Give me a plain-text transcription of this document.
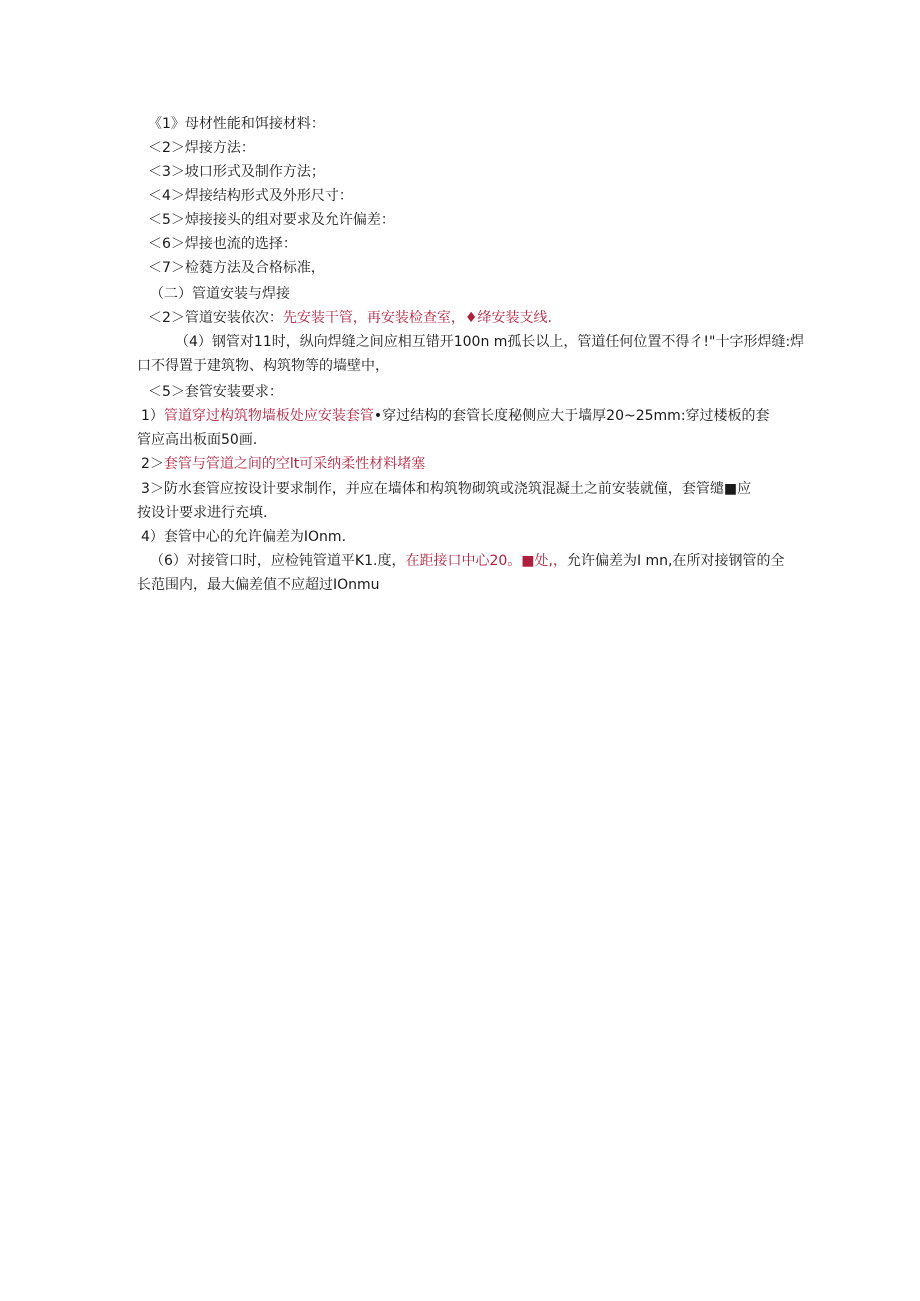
《1》母材性能和饵接材料：
＜2＞焊接方法：
＜3＞坡口形式及制作方法；
＜4＞焊接结构形式及外形尺寸：
＜5＞焯接接头的组对要求及允许偏差：
＜6＞焊接也流的选择：
＜7＞检蕤方法及合格标准，
（二）管道安装与焊接
＜2＞管道安装依次：先安装干管，再安装检查室，♦绛安装支线.
（4）钢管对11时，纵向焊缝之间应相互错开100n m孤长以上，管道任何位置不得彳!"十字形焊缝:焊
口不得置于建筑物、构筑物等的墙壁中，
＜5＞套管安装要求：
1）管道穿过构筑物墙板处应安装套管•穿过结构的套管长度秘侧应大于墙厚20~25mm:穿过楼板的套
管应高出板面50画.
2＞套管与管道之间的空lt可采纳柔性材料堵塞
3＞防水套管应按设计要求制作，并应在墙体和构筑物砌筑或浇筑混凝土之前安装就僮，套管缱■应
按设计要求进行充填.
4）套管中心的允许偏差为IOnm.
（6）对接管口时，应检钝管道平K1.度，在距接口中心20。■处,，允许偏差为I mn,在所对接钢管的全
长范围内，最大偏差值不应超过IOnmu
